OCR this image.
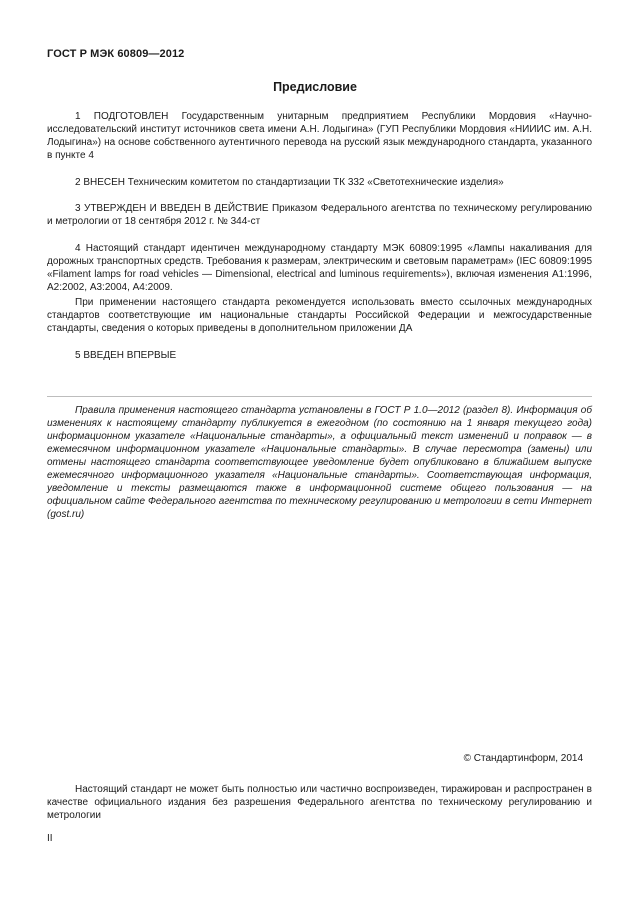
ГОСТ Р МЭК 60809—2012
Предисловие

1 ПОДГОТОВЛЕН Государственным унитарным предприятием Республики Мордовия «Научно-исследовательский институт источников света имени А.Н. Лодыгина» (ГУП Республики Мордовия «НИИИС им. А.Н. Лодыгина») на основе собственного аутентичного перевода на русский язык международного стандарта, указанного в пункте 4

2 ВНЕСЕН Техническим комитетом по стандартизации ТК 332 «Светотехнические изделия»

3 УТВЕРЖДЕН И ВВЕДЕН В ДЕЙСТВИЕ Приказом Федерального агентства по техническому регулированию и метрологии от 18 сентября 2012 г. № 344-ст

4 Настоящий стандарт идентичен международному стандарту МЭК 60809:1995 «Лампы накаливания для дорожных транспортных средств. Требования к размерам, электрическим и световым параметрам» (IEC 60809:1995 «Filament lamps for road vehicles — Dimensional, electrical and luminous requirements»), включая изменения А1:1996, А2:2002, А3:2004, А4:2009.

При применении настоящего стандарта рекомендуется использовать вместо ссылочных международных стандартов соответствующие им национальные стандарты Российской Федерации и межгосударственные стандарты, сведения о которых приведены в дополнительном приложении ДА

5 ВВЕДЕН ВПЕРВЫЕ

Правила применения настоящего стандарта установлены в ГОСТ Р 1.0—2012 (раздел 8). Информация об изменениях к настоящему стандарту публикуется в ежегодном (по состоянию на 1 января текущего года) информационном указателе «Национальные стандарты», а официальный текст изменений и поправок — в ежемесячном информационном указателе «Национальные стандарты». В случае пересмотра (замены) или отмены настоящего стандарта соответствующее уведомление будет опубликовано в ближайшем выпуске ежемесячного информационного указателя «Национальные стандарты». Соответствующая информация, уведомление и тексты размещаются также в информационной системе общего пользования — на официальном сайте Федерального агентства по техническому регулированию и метрологии в сети Интернет (gost.ru)

© Стандартинформ, 2014

Настоящий стандарт не может быть полностью или частично воспроизведен, тиражирован и распространен в качестве официального издания без разрешения Федерального агентства по техническому регулированию и метрологии

II
